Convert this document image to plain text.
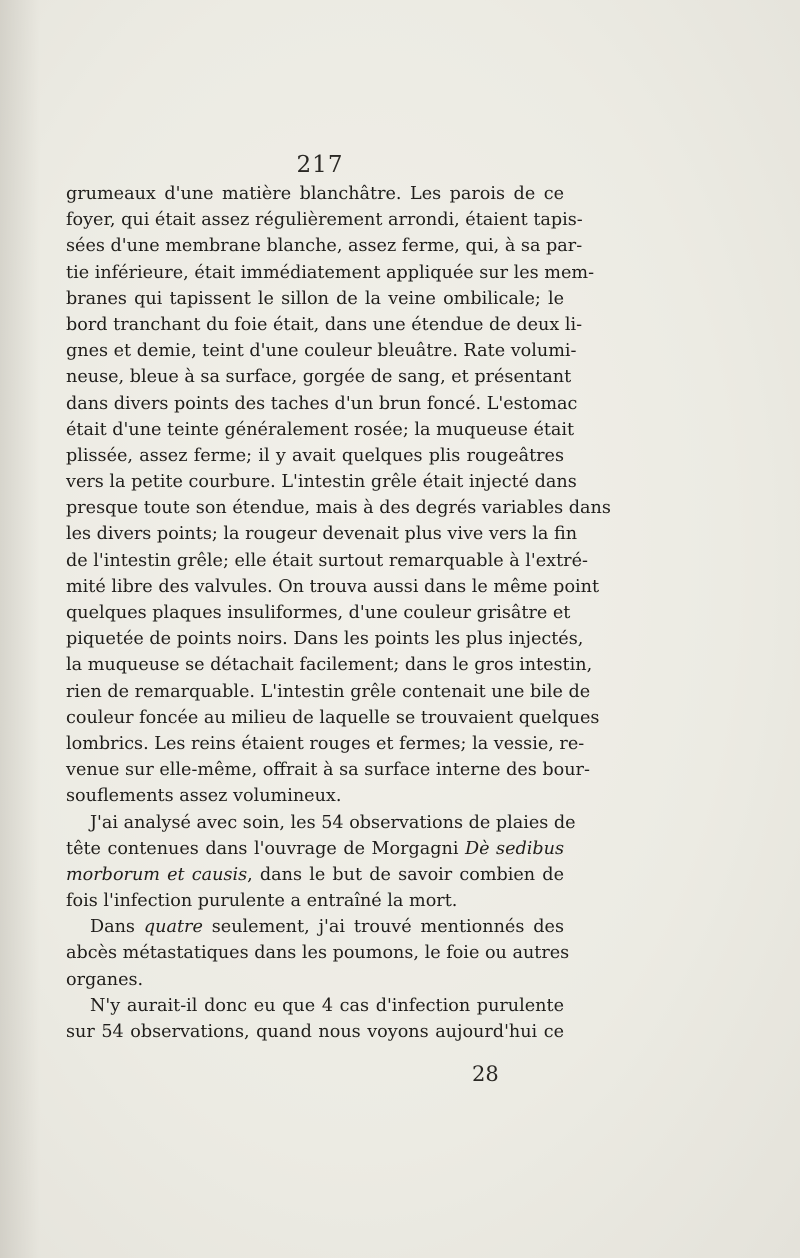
217
grumeaux d'une matière blanchâtre. Les parois de ce
foyer, qui était assez régulièrement arrondi, étaient tapis-
sées d'une membrane blanche, assez ferme, qui, à sa par-
tie inférieure, était immédiatement appliquée sur les mem-
branes qui tapissent le sillon de la veine ombilicale; le
bord tranchant du foie était, dans une étendue de deux li-
gnes et demie, teint d'une couleur bleuâtre. Rate volumi-
neuse, bleue à sa surface, gorgée de sang, et présentant
dans divers points des taches d'un brun foncé. L'estomac
était d'une teinte généralement rosée; la muqueuse était
plissée, assez ferme; il y avait quelques plis rougeâtres
vers la petite courbure. L'intestin grêle était injecté dans
presque toute son étendue, mais à des degrés variables dans
les divers points; la rougeur devenait plus vive vers la fin
de l'intestin grêle; elle était surtout remarquable à l'extré-
mité libre des valvules. On trouva aussi dans le même point
quelques plaques insuliformes, d'une couleur grisâtre et
piquetée de points noirs. Dans les points les plus injectés,
la muqueuse se détachait facilement; dans le gros intestin,
rien de remarquable. L'intestin grêle contenait une bile de
couleur foncée au milieu de laquelle se trouvaient quelques
lombrics. Les reins étaient rouges et fermes; la vessie, re-
venue sur elle-même, offrait à sa surface interne des bour-
souflements assez volumineux.
J'ai analysé avec soin, les 54 observations de plaies de
tête contenues dans l'ouvrage de Morgagni Dè sedibus
morborum et causis, dans le but de savoir combien de
fois l'infection purulente a entraîné la mort.
Dans quatre seulement, j'ai trouvé mentionnés des
abcès métastatiques dans les poumons, le foie ou autres
organes.
N'y aurait-il donc eu que 4 cas d'infection purulente
sur 54 observations, quand nous voyons aujourd'hui ce
28
